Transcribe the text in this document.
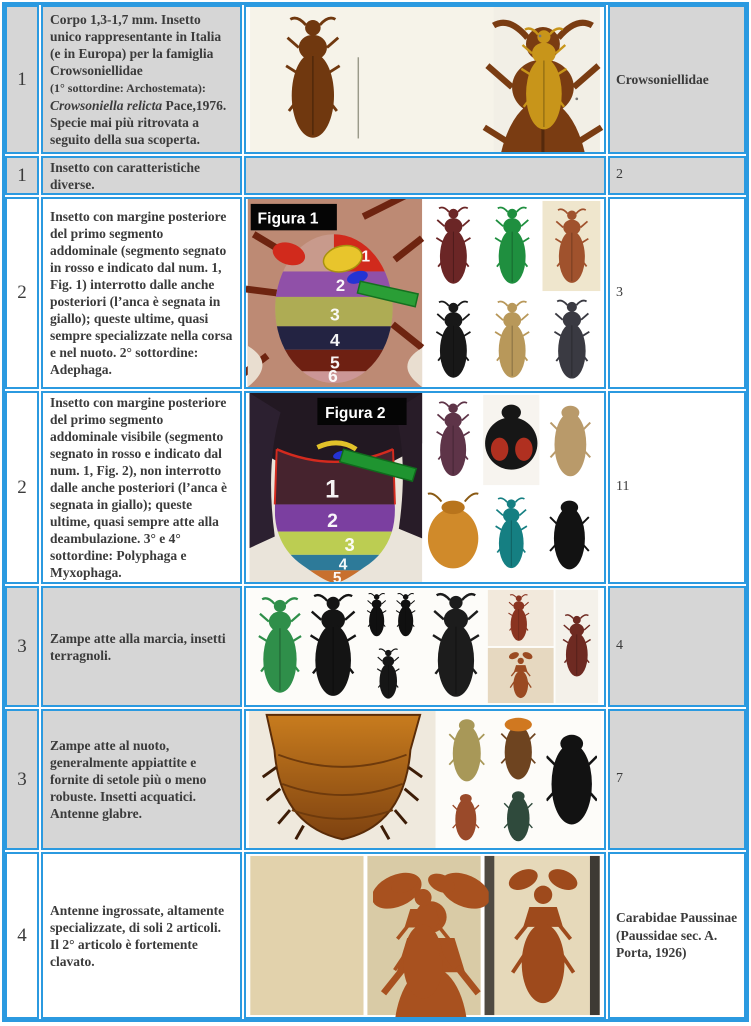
1
Corpo 1,3-1,7 mm. Insetto unico rappresentante in Italia (e in Europa) per la famiglia Crowsoniellidae
(1° sottordine: Archostemata): Crowsoniella relicta Pace,1976. Specie mai più ritrovata a seguito della sua scoperta.
Crowsoniellidae
1	Insetto con caratteristiche diverse.
2
2
Insetto con margine posteriore del primo segmento addominale (segmento segnato in rosso e indicato dal num. 1, Fig. 1) interrotto dalle anche posteriori (l’anca è segnata in giallo); queste ultime, quasi sempre specializzate nella corsa e nel nuoto. 2° sottordine: Adephaga.
1
2
3
4
5
6
Figura 1
3
2
Insetto con margine posteriore del primo segmento addominale visibile (segmento segnato in rosso e indicato dal num. 1, Fig. 2), non interrotto dalle anche posteriori (l’anca è segnata in giallo); queste ultime, quasi sempre atte alla deambulazione. 3° e 4° sottordine: Polyphaga e Myxophaga.
1
2
3
4
5
Figura 2
11
3	Zampe atte alla marcia, insetti terragnoli.
4
3
Zampe atte al nuoto, generalmente appiattite e fornite di setole più o meno robuste. Insetti acquatici. Antenne glabre.
7
4
Antenne ingrossate, altamente specializzate, di soli 2 articoli. Il 2° articolo è fortemente clavato.
Carabidae Paussinae (Paussidae sec. A. Porta, 1926)
